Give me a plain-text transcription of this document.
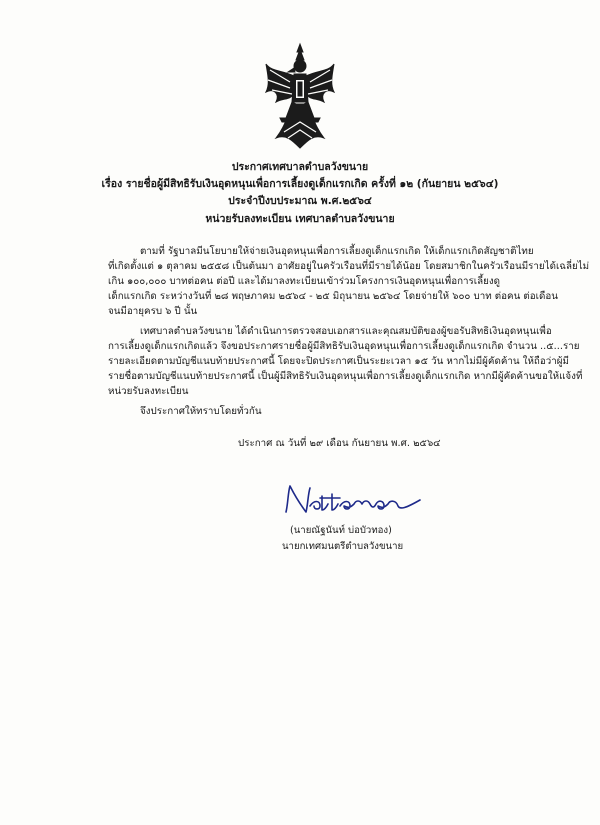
ประกาศเทศบาลตำบลวังขนาย
เรื่อง รายชื่อผู้มีสิทธิรับเงินอุดหนุนเพื่อการเลี้ยงดูเด็กแรกเกิด ครั้งที่ ๑๒ (กันยายน ๒๕๖๔)
ประจำปีงบประมาณ พ.ศ.๒๕๖๔
หน่วยรับลงทะเบียน เทศบาลตำบลวังขนาย
ตามที่ รัฐบาลมีนโยบายให้จ่ายเงินอุดหนุนเพื่อการเลี้ยงดูเด็กแรกเกิด ให้เด็กแรกเกิดสัญชาติไทย
ที่เกิดตั้งแต่ ๑ ตุลาคม ๒๕๕๘ เป็นต้นมา อาศัยอยู่ในครัวเรือนที่มีรายได้น้อย โดยสมาชิกในครัวเรือนมีรายได้เฉลี่ยไม่
เกิน ๑๐๐,๐๐๐ บาทต่อคน ต่อปี และได้มาลงทะเบียนเข้าร่วมโครงการเงินอุดหนุนเพื่อการเลี้ยงดู
เด็กแรกเกิด ระหว่างวันที่ ๒๘ พฤษภาคม ๒๕๖๔ - ๒๕ มิถุนายน ๒๕๖๔ โดยจ่ายให้ ๖๐๐ บาท ต่อคน ต่อเดือน
จนมีอายุครบ ๖ ปี นั้น
เทศบาลตำบลวังขนาย ได้ดำเนินการตรวจสอบเอกสารและคุณสมบัติของผู้ขอรับสิทธิเงินอุดหนุนเพื่อ
การเลี้ยงดูเด็กแรกเกิดแล้ว จึงขอประกาศรายชื่อผู้มีสิทธิรับเงินอุดหนุนเพื่อการเลี้ยงดูเด็กแรกเกิด จำนวน ..๕...ราย
รายละเอียดตามบัญชีแนบท้ายประกาศนี้ โดยจะปิดประกาศเป็นระยะเวลา ๑๕ วัน หากไม่มีผู้คัดค้าน ให้ถือว่าผู้มี
รายชื่อตามบัญชีแนบท้ายประกาศนี้ เป็นผู้มีสิทธิรับเงินอุดหนุนเพื่อการเลี้ยงดูเด็กแรกเกิด หากมีผู้คัดค้านขอให้แจ้งที่
หน่วยรับลงทะเบียน
จึงประกาศให้ทราบโดยทั่วกัน
ประกาศ ณ วันที่ ๒๙ เดือน กันยายน พ.ศ. ๒๕๖๔
(นายณัฐนันท์ บ่อบัวทอง)
นายกเทศมนตรีตำบลวังขนาย
